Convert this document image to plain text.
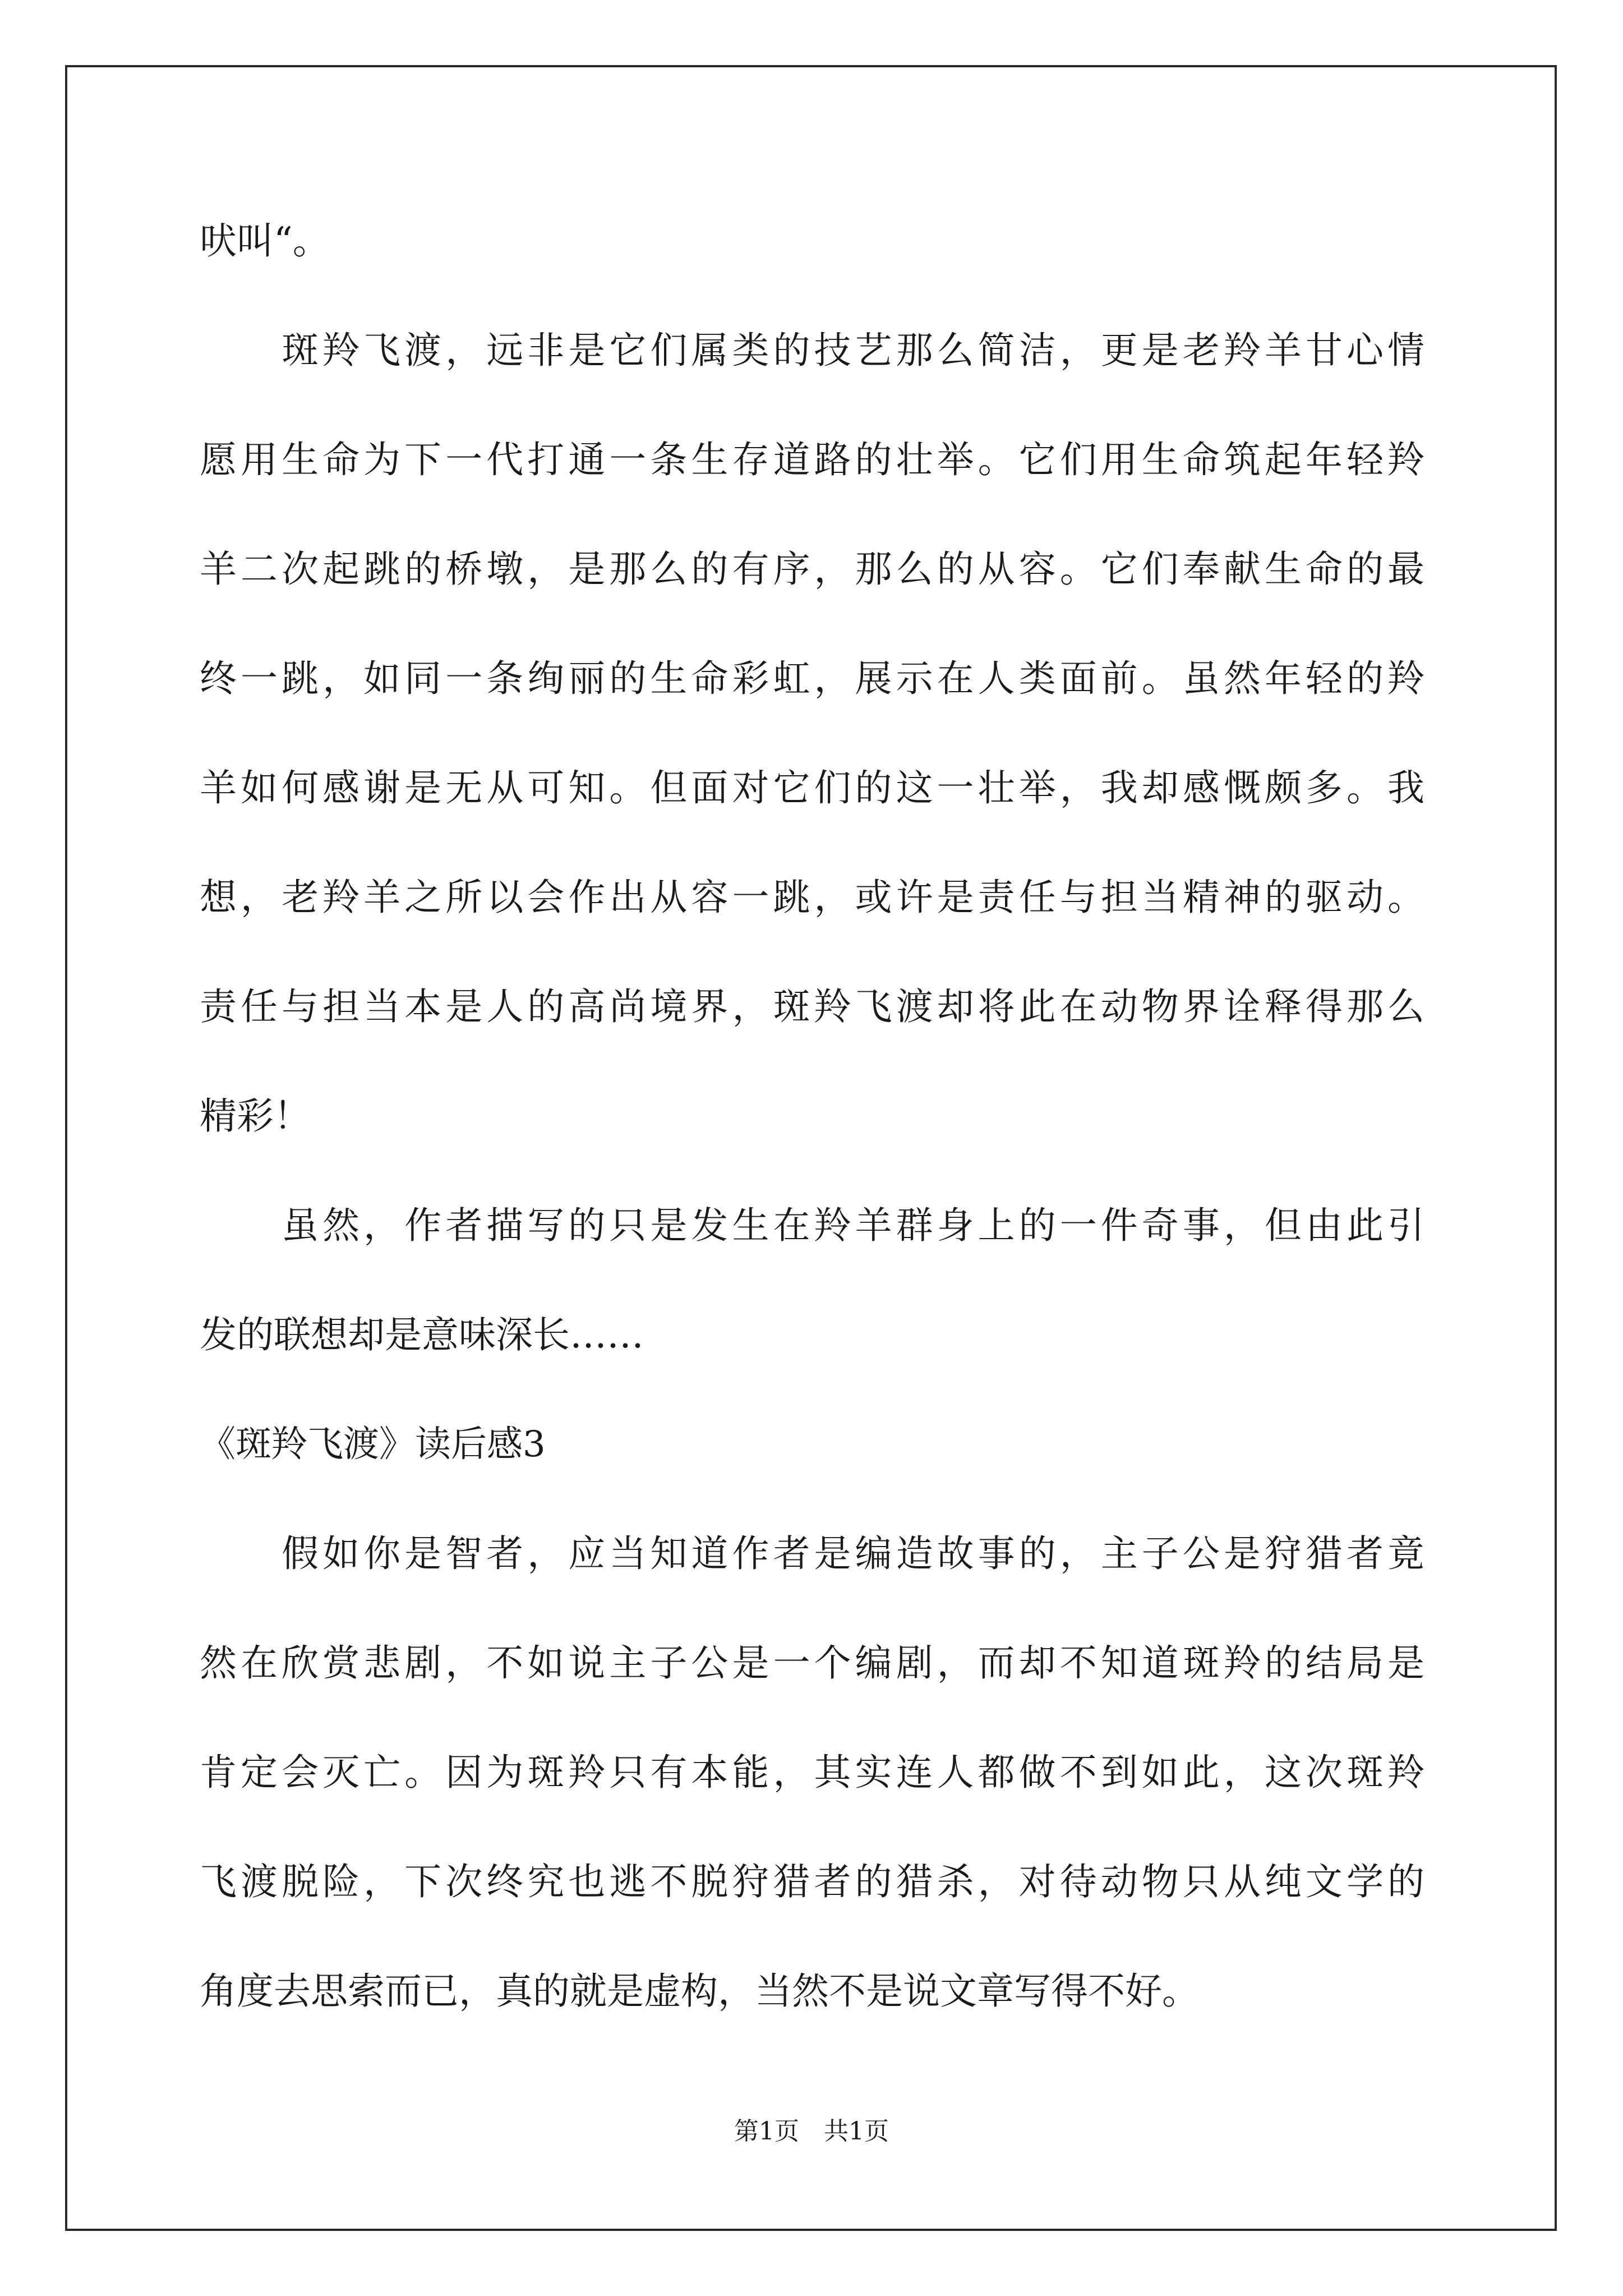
吠叫“。
　　斑羚飞渡，远非是它们属类的技艺那么简洁，更是老羚羊甘心情
愿用生命为下一代打通一条生存道路的壮举。它们用生命筑起年轻羚
羊二次起跳的桥墩，是那么的有序，那么的从容。它们奉献生命的最
终一跳，如同一条绚丽的生命彩虹，展示在人类面前。虽然年轻的羚
羊如何感谢是无从可知。但面对它们的这一壮举，我却感慨颇多。我
想，老羚羊之所以会作出从容一跳，或许是责任与担当精神的驱动。
责任与担当本是人的高尚境界，斑羚飞渡却将此在动物界诠释得那么
精彩！
　　虽然，作者描写的只是发生在羚羊群身上的一件奇事，但由此引
发的联想却是意味深长……
《斑羚飞渡》读后感3
　　假如你是智者，应当知道作者是编造故事的，主子公是狩猎者竟
然在欣赏悲剧，不如说主子公是一个编剧，而却不知道斑羚的结局是
肯定会灭亡。因为斑羚只有本能，其实连人都做不到如此，这次斑羚
飞渡脱险，下次终究也逃不脱狩猎者的猎杀，对待动物只从纯文学的
角度去思索而已，真的就是虚构，当然不是说文章写得不好。
第1页　共1页
